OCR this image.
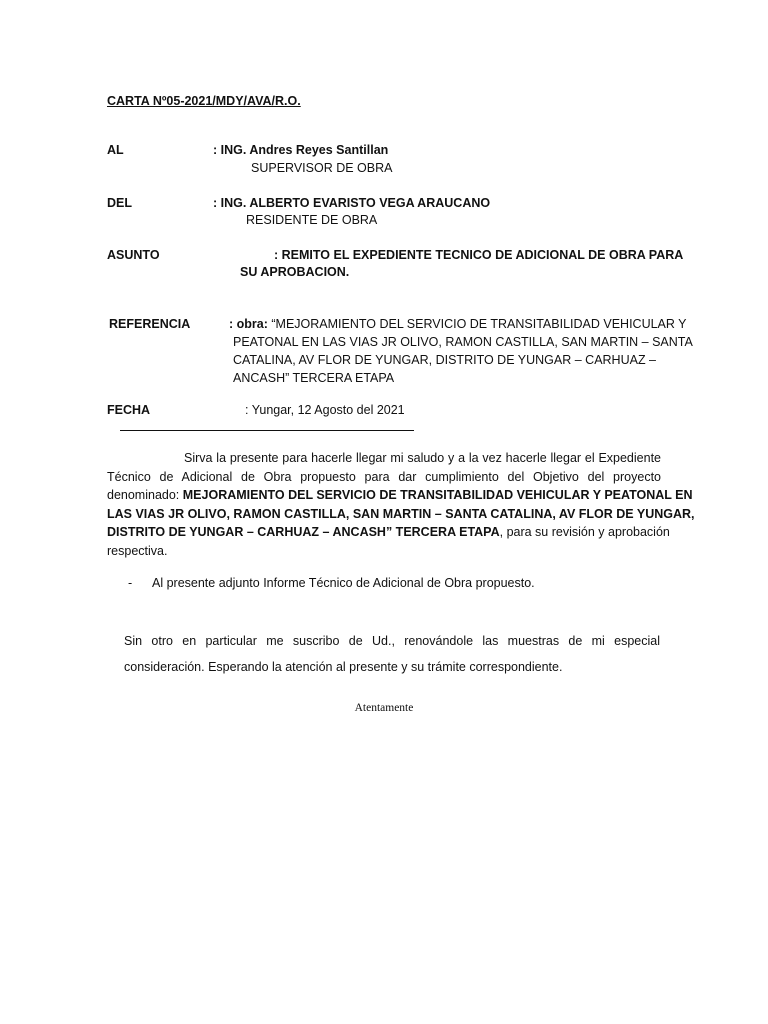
CARTA Nº05-2021/MDY/AVA/R.O.
AL	: ING. Andres Reyes Santillan
SUPERVISOR DE OBRA
DEL	: ING. ALBERTO EVARISTO VEGA ARAUCANO
RESIDENTE DE OBRA
ASUNTO	: REMITO EL EXPEDIENTE TECNICO DE ADICIONAL DE OBRA PARA
SU APROBACION.
REFERENCIA	: obra: “MEJORAMIENTO DEL SERVICIO DE TRANSITABILIDAD VEHICULAR Y
PEATONAL EN LAS VIAS JR OLIVO, RAMON CASTILLA, SAN MARTIN – SANTA
CATALINA, AV FLOR DE YUNGAR, DISTRITO DE YUNGAR – CARHUAZ –
ANCASH” TERCERA ETAPA
FECHA	: Yungar, 12 Agosto del 2021
Sirva la presente para hacerle llegar mi saludo y a la vez hacerle llegar el Expediente
Técnico de Adicional de Obra propuesto para dar cumplimiento del Objetivo del proyecto
denominado: MEJORAMIENTO DEL SERVICIO DE TRANSITABILIDAD VEHICULAR Y PEATONAL EN
LAS VIAS JR OLIVO, RAMON CASTILLA, SAN MARTIN – SANTA CATALINA, AV FLOR DE YUNGAR,
DISTRITO DE YUNGAR – CARHUAZ – ANCASH” TERCERA ETAPA, para su revisión y aprobación
respectiva.
- Al presente adjunto Informe Técnico de Adicional de Obra propuesto.
Sin otro en particular me suscribo de Ud., renovándole las muestras de mi especial
consideración. Esperando la atención al presente y su trámite correspondiente.
Atentamente
